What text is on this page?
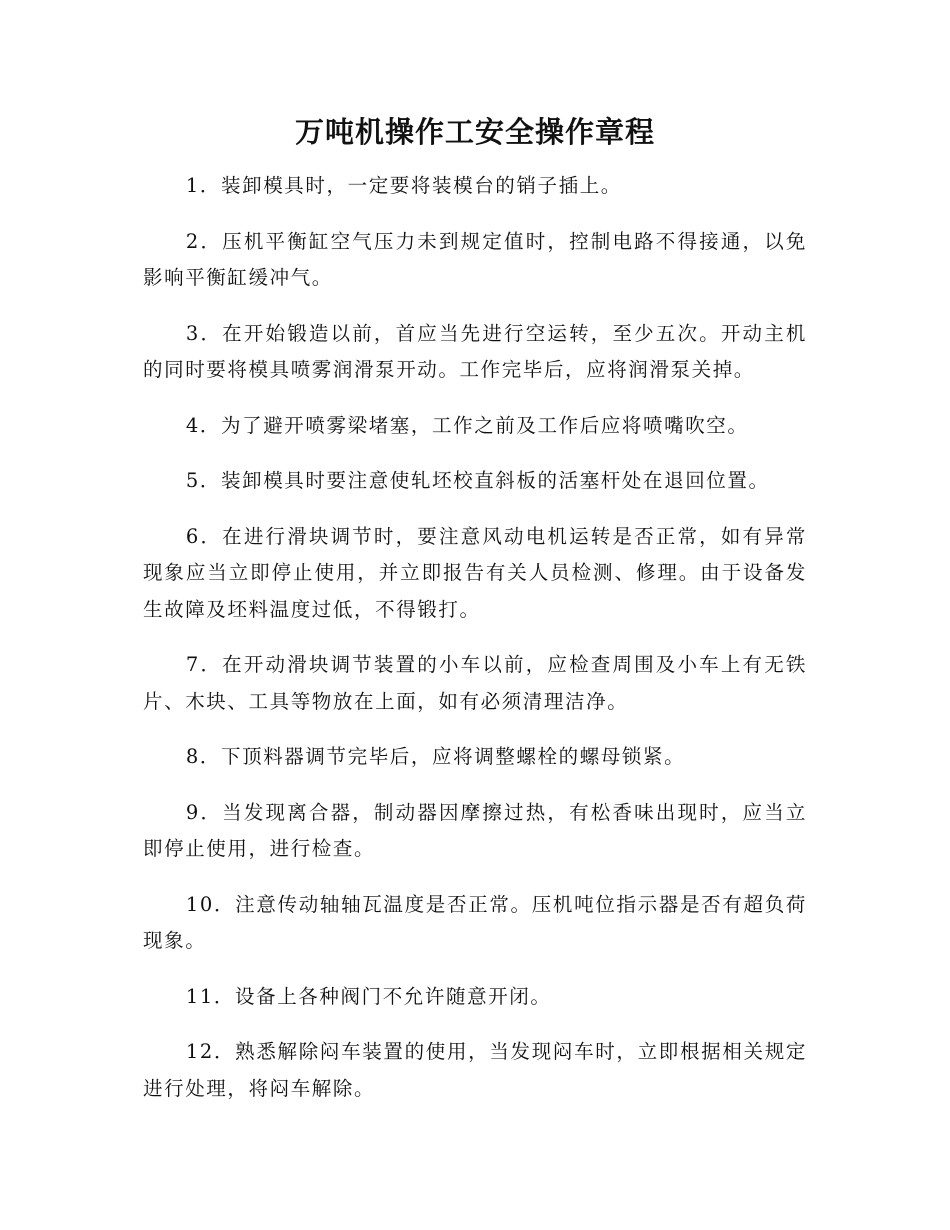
万吨机操作工安全操作章程

1．装卸模具时，一定要将装模台的销子插上。

2．压机平衡缸空气压力未到规定值时，控制电路不得接通，以免影响平衡缸缓冲气。

3．在开始锻造以前，首应当先进行空运转，至少五次。开动主机的同时要将模具喷雾润滑泵开动。工作完毕后，应将润滑泵关掉。

4．为了避开喷雾梁堵塞，工作之前及工作后应将喷嘴吹空。

5．装卸模具时要注意使轧坯校直斜板的活塞杆处在退回位置。

6．在进行滑块调节时，要注意风动电机运转是否正常，如有异常现象应当立即停止使用，并立即报告有关人员检测、修理。由于设备发生故障及坯料温度过低，不得锻打。

7．在开动滑块调节装置的小车以前，应检查周围及小车上有无铁片、木块、工具等物放在上面，如有必须清理洁净。

8．下顶料器调节完毕后，应将调整螺栓的螺母锁紧。

9．当发现离合器，制动器因摩擦过热，有松香味出现时，应当立即停止使用，进行检查。

10．注意传动轴轴瓦温度是否正常。压机吨位指示器是否有超负荷现象。

11．设备上各种阀门不允许随意开闭。

12．熟悉解除闷车装置的使用，当发现闷车时，立即根据相关规定进行处理，将闷车解除。
